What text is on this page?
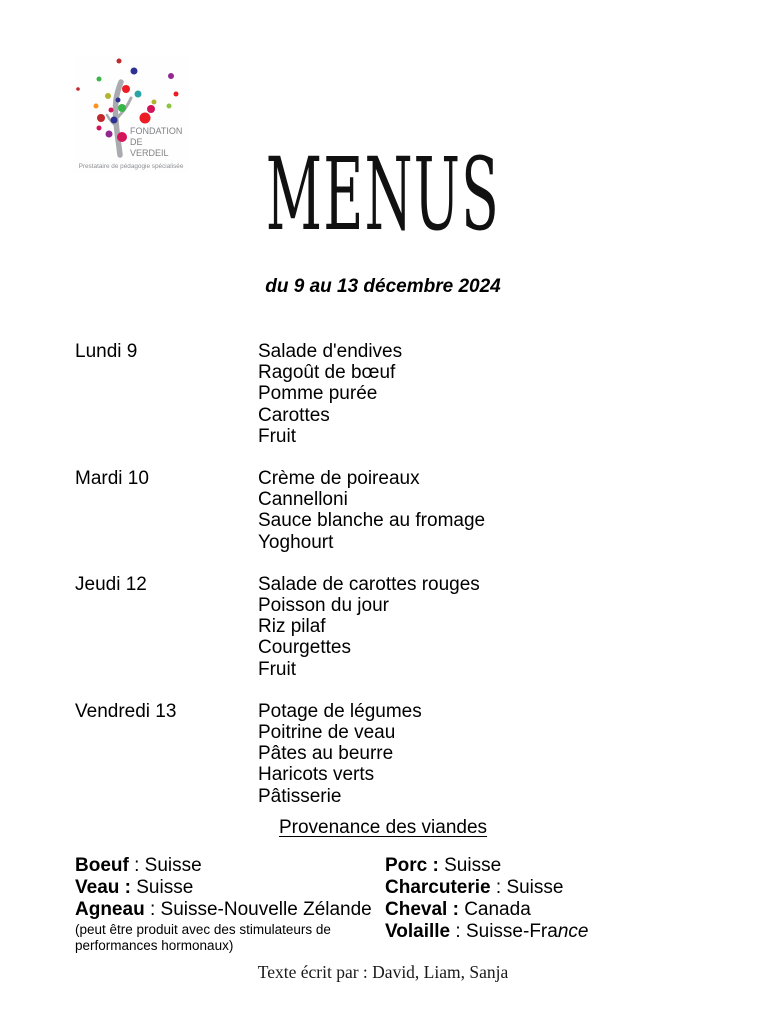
FONDATION
DE
VERDEIL
Prestataire de pédagogie spécialisée MENUS
du 9 au 13 décembre 2024
Lundi 9	Salade d'endives
Ragoût de bœuf
Pomme purée
Carottes
Fruit
Mardi 10	Crème de poireaux
Cannelloni
Sauce blanche au fromage
Yoghourt
Jeudi 12	Salade de carottes rouges
Poisson du jour
Riz pilaf
Courgettes
Fruit
Vendredi 13	Potage de légumes
Poitrine de veau
Pâtes au beurre
Haricots verts
Pâtisserie
Provenance des viandes
Boeuf : Suisse
Veau : Suisse
Agneau : Suisse-Nouvelle Zélande
(peut être produit avec des stimulateurs de performances hormonaux)
Porc : Suisse
Charcuterie : Suisse
Cheval : Canada
Volaille : Suisse-France
Texte écrit par : David, Liam, Sanja
